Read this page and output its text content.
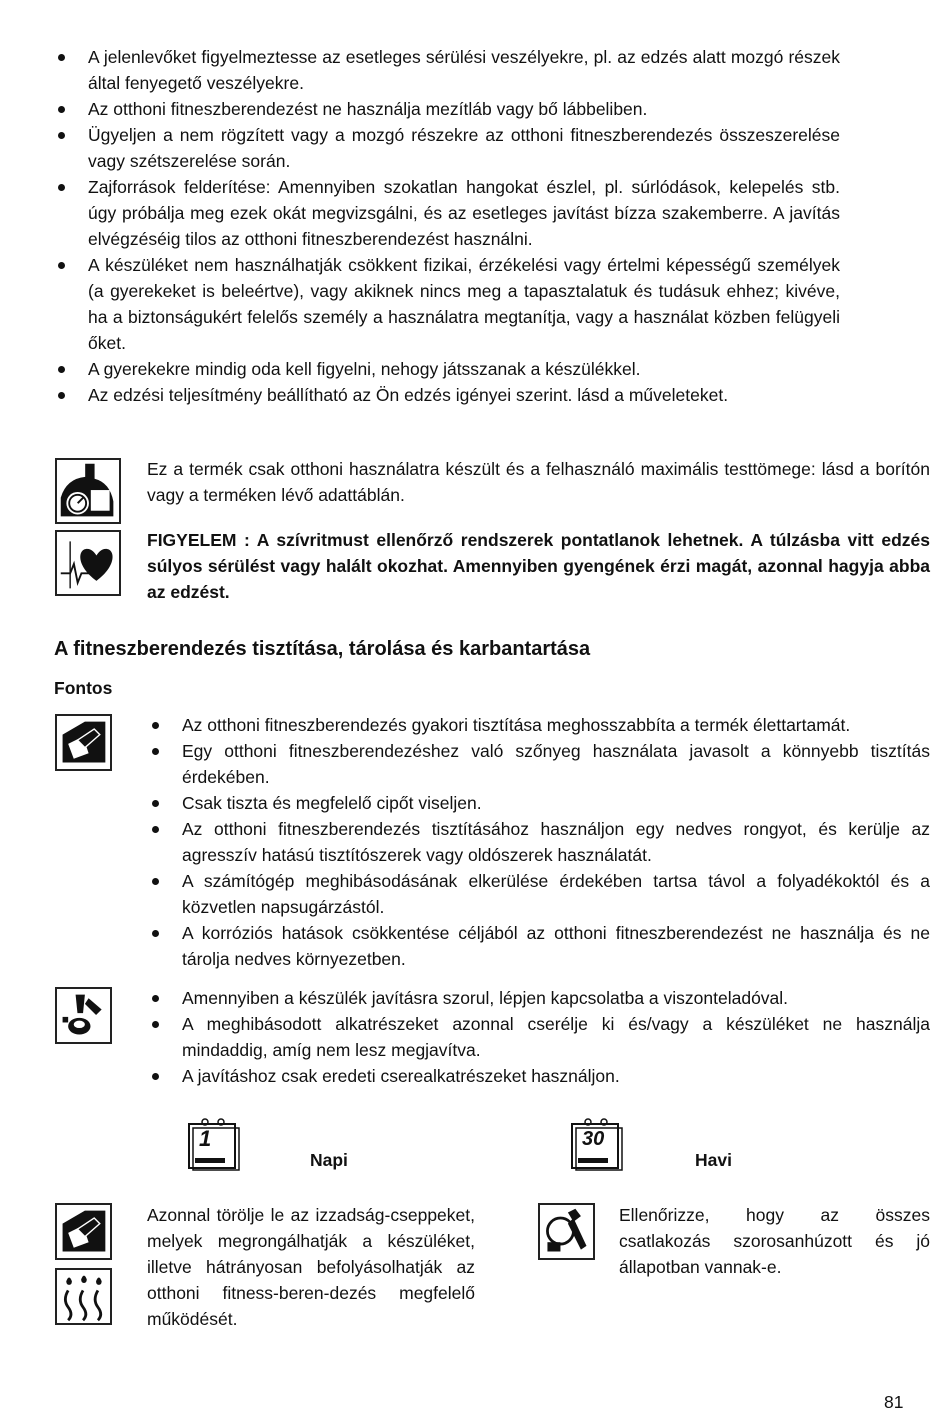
A jelenlevőket figyelmeztesse az esetleges sérülési veszélyekre, pl. az edzés alatt mozgó részek által fenyegető veszélyekre.
Az otthoni fitneszberendezést ne használja mezítláb vagy bő lábbeliben.
Ügyeljen a nem rögzített vagy a mozgó részekre az otthoni fitneszberendezés összeszerelése vagy szétszerelése során.
Zajforrások felderítése: Amennyiben szokatlan hangokat észlel, pl. súrlódások, kelepelés stb. úgy próbálja meg ezek okát megvizsgálni, és az esetleges javítást bízza szakemberre. A javítás elvégzéséig tilos az otthoni fitneszberendezést használni.
A készüléket nem használhatják csökkent fizikai, érzékelési vagy értelmi képességű személyek (a gyerekeket is beleértve), vagy akiknek nincs meg a tapasztalatuk és tudásuk ehhez; kivéve, ha a biztonságukért felelős személy a használatra megtanítja, vagy a használat közben felügyeli őket.
A gyerekekre mindig oda kell figyelni, nehogy játsszanak a készülékkel.
Az edzési teljesítmény beállítható az Ön edzés igényei szerint. lásd a műveleteket.
Ez a termék csak otthoni használatra készült és a felhasználó maximális testtömege: lásd a borítón vagy a terméken lévő adattáblán.
FIGYELEM : A szívritmust ellenőrző rendszerek pontatlanok lehetnek. A túlzásba vitt edzés súlyos sérülést vagy halált okozhat. Amennyiben gyengének érzi magát, azonnal hagyja abba az edzést.
A fitneszberendezés tisztítása, tárolása és karbantartása
Fontos
Az otthoni fitneszberendezés gyakori tisztítása meghosszabbíta a termék élettartamát.
Egy otthoni fitneszberendezéshez való szőnyeg használata javasolt a könnyebb tisztítás érdekében.
Csak tiszta és megfelelő cipőt viseljen.
Az otthoni fitneszberendezés tisztításához használjon egy nedves rongyot, és kerülje az agresszív hatású tisztítószerek vagy oldószerek használatát.
A számítógép meghibásodásának elkerülése érdekében tartsa távol a folyadékoktól és a közvetlen napsugárzástól.
A korróziós hatások csökkentése céljából az otthoni fitneszberendezést ne használja és ne tárolja nedves környezetben.
Amennyiben a készülék javításra szorul, lépjen kapcsolatba a viszonteladóval.
A meghibásodott alkatrészeket azonnal cserélje ki és/vagy a készüléket ne használja mindaddig, amíg nem lesz megjavítva.
A javításhoz csak eredeti cserealkatrészeket használjon.
1
Napi
30
Havi
Azonnal törölje le az izzadság-cseppeket, melyek megrongálhatják a készüléket, illetve hátrányosan befolyásolhatják az otthoni fitness-beren-dezés megfelelő működését.
Ellenőrizze, hogy az összes csatlakozás szorosanhúzott és jó állapotban vannak-e.
81
